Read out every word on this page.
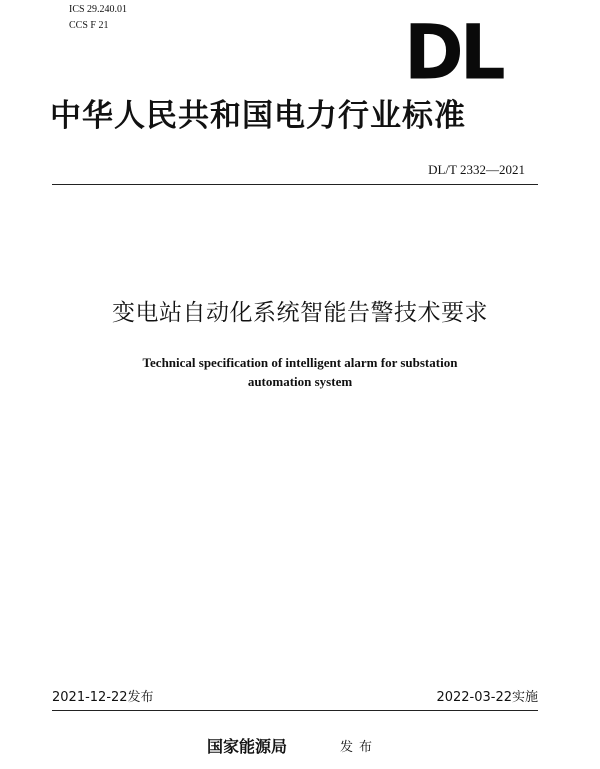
ICS 29.240.01
CCS F 21	DL
中华人民共和国电力行业标准
DL/T 2332—2021
变电站自动化系统智能告警技术要求
Technical specification of intelligent alarm for substation
automation system
2021-12-22发布	2022-03-22实施
国家能源局	发布
